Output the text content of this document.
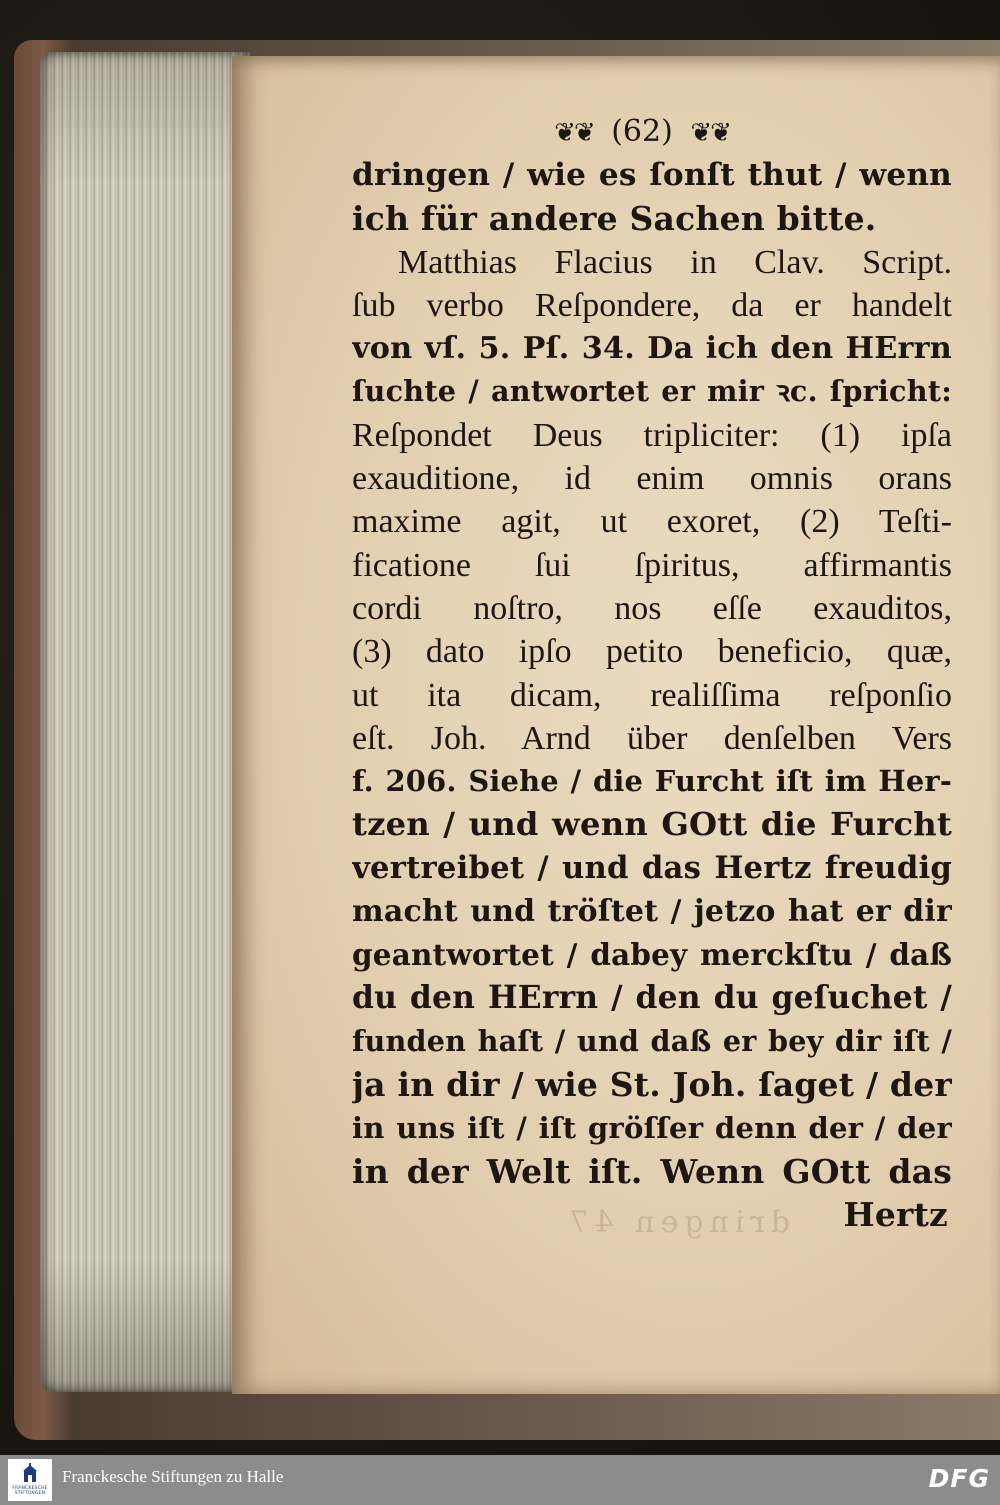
dringen 47
❦❦ (62) ❦❦
dringen / wie es ſonſt thut / wenn
ich für andere Sachen bitte.
Matthias Flacius in Clav. Script.
ſub verbo Reſpondere, da er handelt
von vſ. 5. Pſ. 34. Da ich den HErrn
ſuchte / antwortet er mir ꝛc. ſpricht:
Reſpondet Deus tripliciter: (1) ipſa
exauditione, id enim omnis orans
maxime agit, ut exoret, (2) Teſti-
ficatione ſui ſpiritus, affirmantis
cordi noſtro, nos eſſe exauditos,
(3) dato ipſo petito beneficio, quæ,
ut ita dicam, realiſſima reſponſio
eſt. Joh. Arnd über denſelben Vers
f. 206. Siehe / die Furcht iſt im Her-
tzen / und wenn GOtt die Furcht
vertreibet / und das Hertz freudig
macht und tröſtet / jetzo hat er dir
geantwortet / dabey merckſtu / daß
du den HErrn / den du geſuchet /
funden haſt / und daß er bey dir iſt /
ja in dir / wie St. Joh. ſaget / der
in uns iſt / iſt gröſſer denn der / der
in der Welt iſt. Wenn GOtt das
Hertz
FRANCKESCHE STIFTUNGEN
Franckesche Stiftungen zu Halle	DFG
